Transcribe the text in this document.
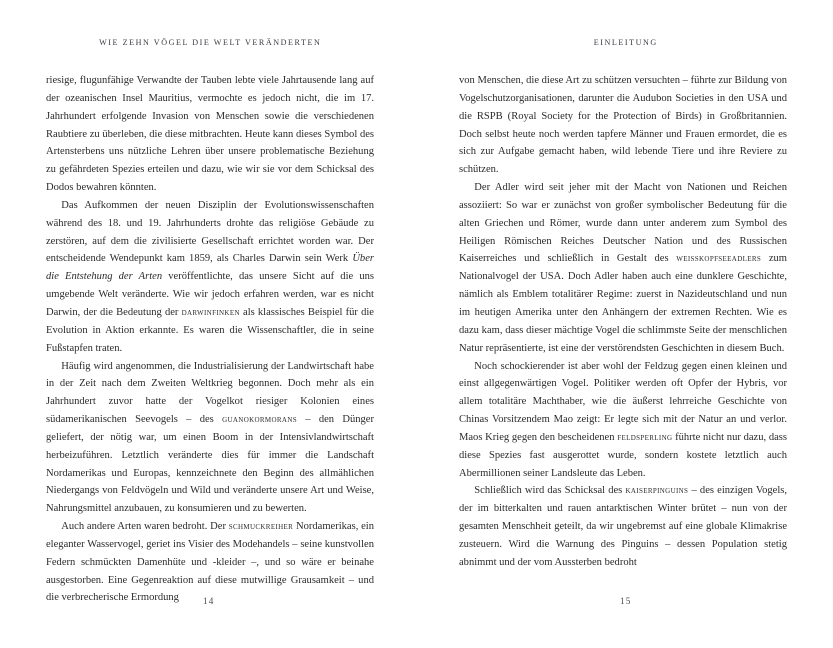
WIE ZEHN VÖGEL DIE WELT VERÄNDERTEN

riesige, flugunfähige Verwandte der Tauben lebte viele Jahrtausende lang auf der ozeanischen Insel Mauritius, vermochte es jedoch nicht, die im 17. Jahrhundert erfolgende Invasion von Menschen sowie die verschiedenen Raubtiere zu überleben, die diese mitbrachten. Heute kann dieses Symbol des Artensterbens uns nützliche Lehren über unsere problematische Beziehung zu gefährdeten Spezies erteilen und dazu, wie wir sie vor dem Schicksal des Dodos bewahren könnten.

Das Aufkommen der neuen Disziplin der Evolutionswissenschaften während des 18. und 19. Jahrhunderts drohte das religiöse Gebäude zu zerstören, auf dem die zivilisierte Gesellschaft errichtet worden war. Der entscheidende Wendepunkt kam 1859, als Charles Darwin sein Werk Über die Entstehung der Arten veröffentlichte, das unsere Sicht auf die uns umgebende Welt veränderte. Wie wir jedoch erfahren werden, war es nicht Darwin, der die Bedeutung der darwinfinken als klassisches Beispiel für die Evolution in Aktion erkannte. Es waren die Wissenschaftler, die in seine Fußstapfen traten.

Häufig wird angenommen, die Industrialisierung der Landwirtschaft habe in der Zeit nach dem Zweiten Weltkrieg begonnen. Doch mehr als ein Jahrhundert zuvor hatte der Vogelkot riesiger Kolonien eines südamerikanischen Seevogels – des guanokormorans – den Dünger geliefert, der nötig war, um einen Boom in der Intensivlandwirtschaft herbeizuführen. Letztlich veränderte dies für immer die Landschaft Nordamerikas und Europas, kennzeichnete den Beginn des allmählichen Niedergangs von Feldvögeln und Wild und veränderte unsere Art und Weise, Nahrungsmittel anzubauen, zu konsumieren und zu bewerten.

Auch andere Arten waren bedroht. Der schmuckreiher Nordamerikas, ein eleganter Wasservogel, geriet ins Visier des Modehandels – seine kunstvollen Federn schmückten Damenhüte und -kleider –, und so wäre er beinahe ausgestorben. Eine Gegenreaktion auf diese mutwillige Grausamkeit – und die verbrecherische Ermordung	14
EINLEITUNG

von Menschen, die diese Art zu schützen versuchten – führte zur Bildung von Vogelschutzorganisationen, darunter die Audubon Societies in den USA und die RSPB (Royal Society for the Protection of Birds) in Großbritannien. Doch selbst heute noch werden tapfere Männer und Frauen ermordet, die es sich zur Aufgabe gemacht haben, wild lebende Tiere und ihre Reviere zu schützen.

Der Adler wird seit jeher mit der Macht von Nationen und Reichen assoziiert: So war er zunächst von großer symbolischer Bedeutung für die alten Griechen und Römer, wurde dann unter anderem zum Symbol des Heiligen Römischen Reiches Deutscher Nation und des Russischen Kaiserreiches und schließlich in Gestalt des weisskopfseeadlers zum Nationalvogel der USA. Doch Adler haben auch eine dunklere Geschichte, nämlich als Emblem totalitärer Regime: zuerst in Nazideutschland und nun im heutigen Amerika unter den Anhängern der extremen Rechten. Wie es dazu kam, dass dieser mächtige Vogel die schlimmste Seite der menschlichen Natur repräsentierte, ist eine der verstörendsten Geschichten in diesem Buch.

Noch schockierender ist aber wohl der Feldzug gegen einen kleinen und einst allgegenwärtigen Vogel. Politiker werden oft Opfer der Hybris, vor allem totalitäre Machthaber, wie die äußerst lehrreiche Geschichte von Chinas Vorsitzendem Mao zeigt: Er legte sich mit der Natur an und verlor. Maos Krieg gegen den bescheidenen feldsperling führte nicht nur dazu, dass diese Spezies fast ausgerottet wurde, sondern kostete letztlich auch Abermillionen seiner Landsleute das Leben.

Schließlich wird das Schicksal des kaiserpinguins – des einzigen Vogels, der im bitterkalten und rauen antarktischen Winter brütet – nun von der gesamten Menschheit geteilt, da wir ungebremst auf eine globale Klimakrise zusteuern. Wird die Warnung des Pinguins – dessen Population stetig abnimmt und der vom Aussterben bedroht

15
